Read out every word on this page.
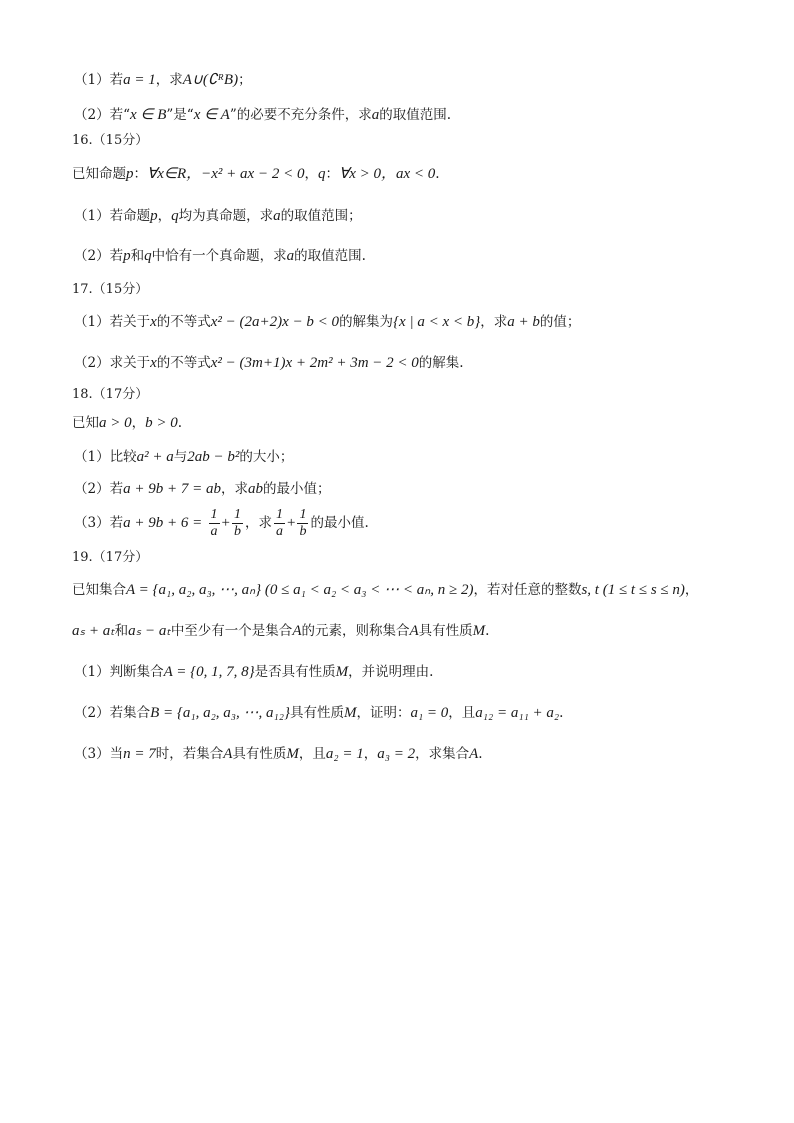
（1）若a = 1，求A∪(∁ᴿB)；
（2）若“x ∈ B”是“x ∈ A”的必要不充分条件，求a的取值范围.
16.（15分）
已知命题p：∀x∈R，−x² + ax − 2 < 0，q：∀x > 0，ax < 0.
（1）若命题p，q均为真命题，求a的取值范围；
（2）若p和q中恰有一个真命题，求a的取值范围.
17.（15分）
（1）若关于x的不等式x² − (2a+2)x − b < 0的解集为{x | a < x < b}，求a + b的值；
（2）求关于x的不等式x² − (3m+1)x + 2m² + 3m − 2 < 0的解集.
18.（17分）
已知a > 0，b > 0.
（1）比较a² + a与2ab − b²的大小；
（2）若a + 9b + 7 = ab，求ab的最小值；
（3）若$a + 9b + 6 = \frac{1}{a} + \frac{1}{b}$ ，求 $\frac{1}{a} + \frac{1}{b}$ 的最小值.
19.（17分）
已知集合A = {a₁, a₂, a₃, ⋯, aₙ} (0 ≤ a₁ < a₂ < a₃ < ⋯ < aₙ, n ≥ 2)，若对任意的整数s, t (1 ≤ t ≤ s ≤ n)，
aₛ + aₜ和aₛ − aₜ中至少有一个是集合A的元素，则称集合A具有性质M.
（1）判断集合A = {0, 1, 7, 8}是否具有性质M，并说明理由.
（2）若集合B = {a₁, a₂, a₃, ⋯, a₁₂}具有性质M，证明：a₁ = 0，且a₁₂ = a₁₁ + a₂.
（3）当n = 7时，若集合A具有性质M，且a₂ = 1，a₃ = 2，求集合A.
